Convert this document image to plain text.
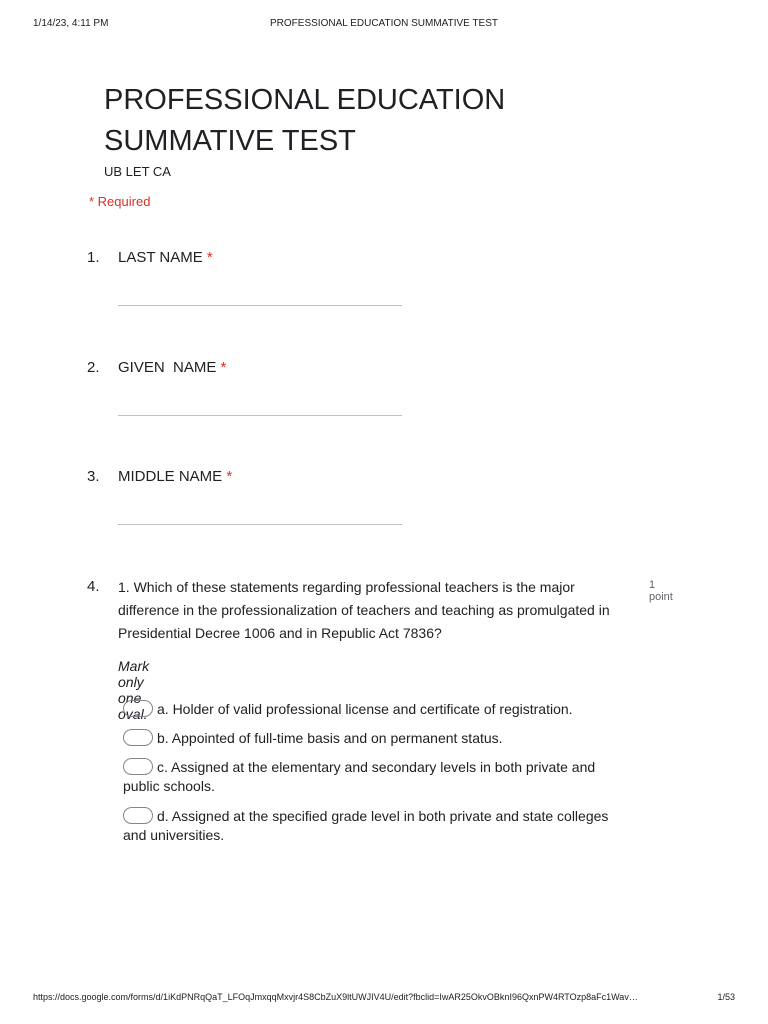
1/14/23, 4:11 PM	PROFESSIONAL EDUCATION SUMMATIVE TEST
PROFESSIONAL EDUCATION SUMMATIVE TEST
UB LET CA
* Required
1.	LAST NAME *
2.	GIVEN  NAME *
3.	MIDDLE NAME *
4.	1. Which of these statements regarding professional teachers is the major difference in the professionalization of teachers and teaching as promulgated in Presidential Decree 1006 and in Republic Act 7836?
1 point
Mark only one oval. a. Holder of valid professional license and certificate of registration.
b. Appointed of full-time basis and on permanent status.
c. Assigned at the elementary and secondary levels in both private and public schools.
d. Assigned at the specified grade level in both private and state colleges and universities.
https://docs.google.com/forms/d/1iKdPNRqQaT_LFOqJmxqqMxvjr4S8CbZuX9ltUWJIV4U/edit?fbclid=IwAR25OkvOBknI96QxnPW4RTOzp8aFc1Wav…	1/53
